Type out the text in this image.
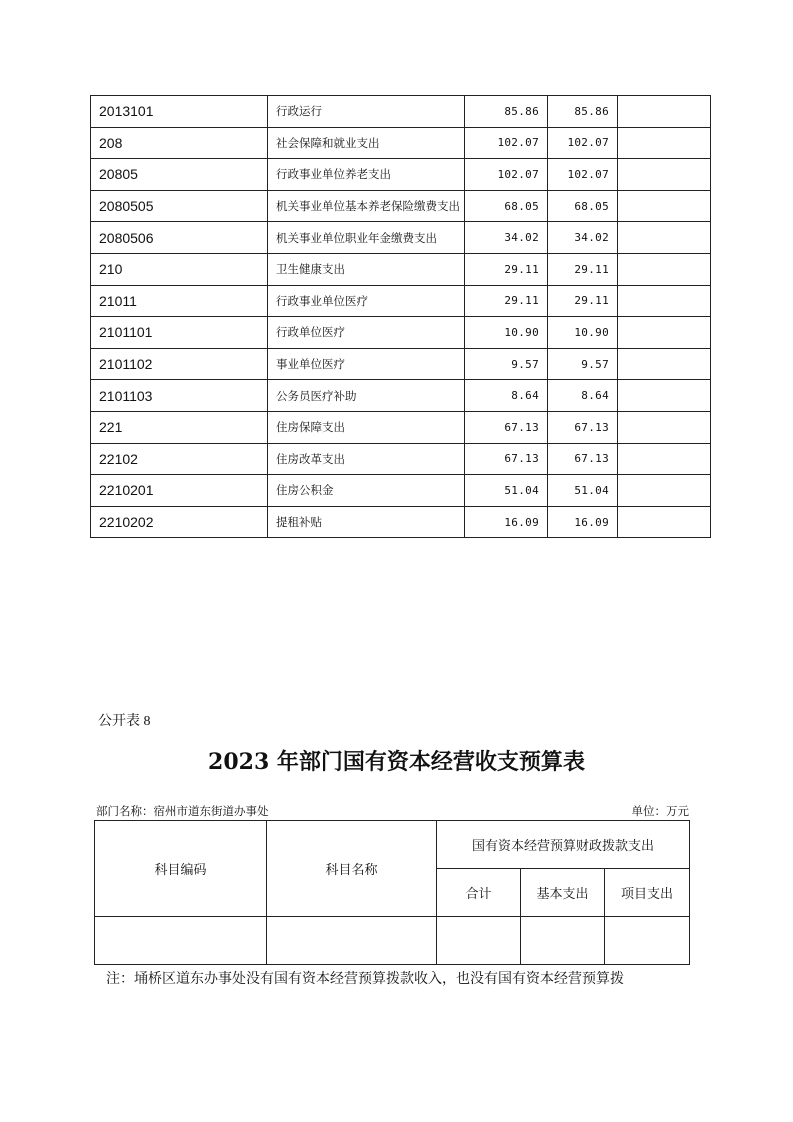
2013101	行政运行	85.86	85.86	
208	社会保障和就业支出	102.07	102.07	
20805	行政事业单位养老支出	102.07	102.07	
2080505	机关事业单位基本养老保险缴费支出	68.05	68.05	
2080506	机关事业单位职业年金缴费支出	34.02	34.02	
210	卫生健康支出	29.11	29.11	
21011	行政事业单位医疗	29.11	29.11	
2101101	行政单位医疗	10.90	10.90	
2101102	事业单位医疗	9.57	9.57	
2101103	公务员医疗补助	8.64	8.64	
221	住房保障支出	67.13	67.13	
22102	住房改革支出	67.13	67.13	
2210201	住房公积金	51.04	51.04	
2210202	提租补贴	16.09	16.09	
公开表 8
2023 年部门国有资本经营收支预算表
部门名称：宿州市道东街道办事处	单位：万元
科目编码	科目名称	国有资本经营预算财政拨款支出		
		合计	基本支出	项目支出

注：埇桥区道东办事处没有国有资本经营预算拨款收入，也没有国有资本经营预算拨
